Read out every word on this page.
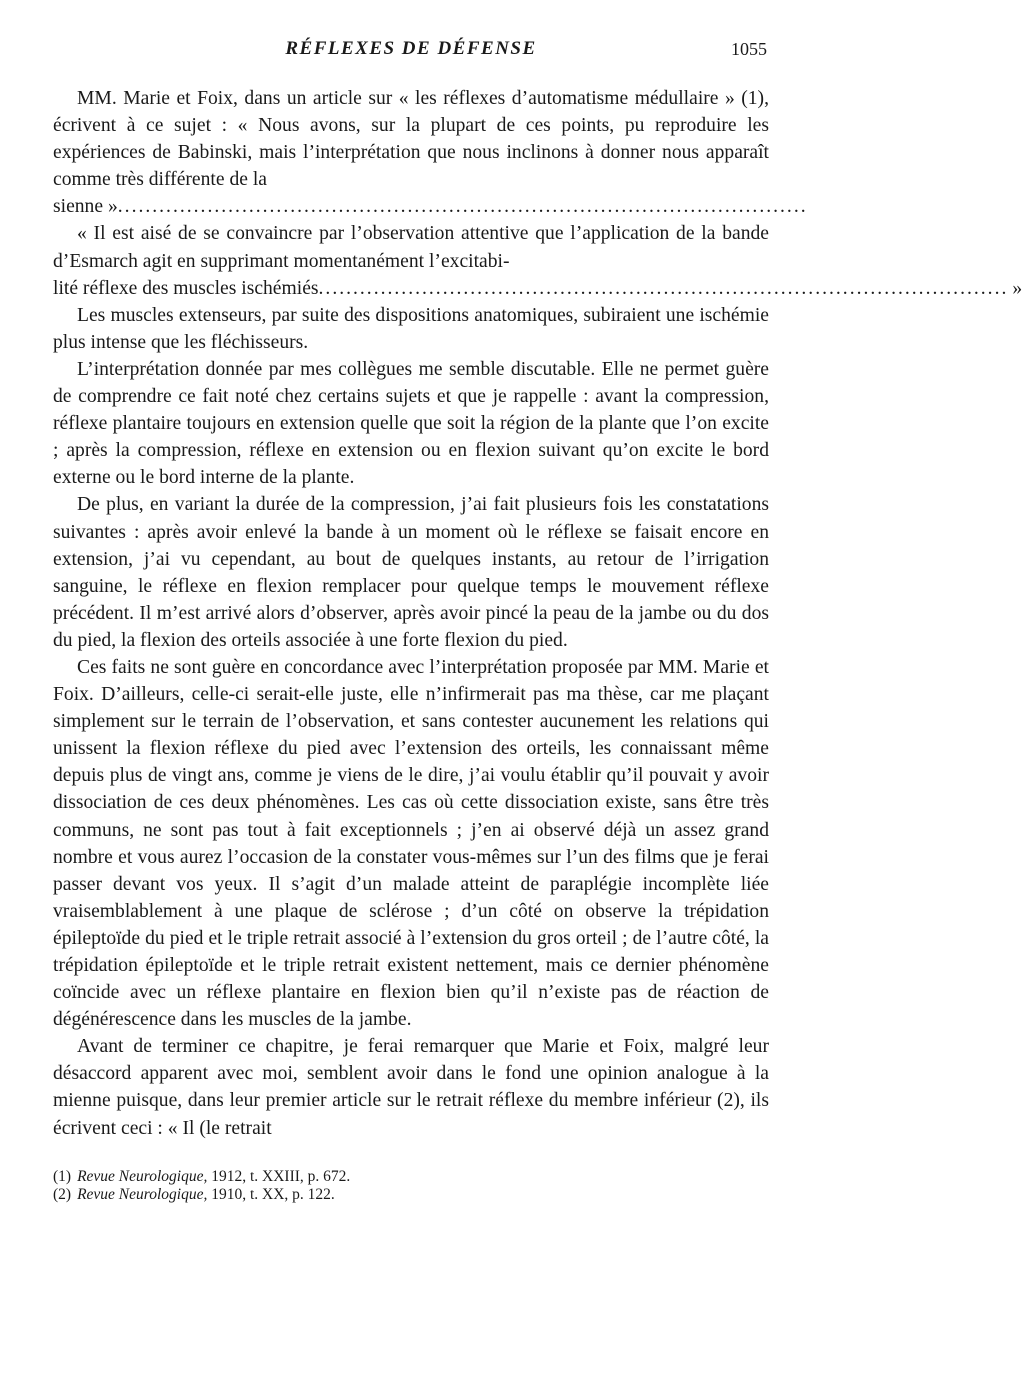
RÉFLEXES DE DÉFENSE	1055

MM. Marie et Foix, dans un article sur « les réflexes d’automatisme médullaire » (1), écrivent à ce sujet : « Nous avons, sur la plupart de ces points, pu reproduire les expériences de Babinski, mais l’interprétation que nous inclinons à donner nous apparaît comme très différente de la

sienne » ....................................................................................................

« Il est aisé de se convaincre par l’observation attentive que l’application de la bande d’Esmarch agit en supprimant momentanément l’excitabi-

lité réflexe des muscles ischémiés .................................................................................................... »

Les muscles extenseurs, par suite des dispositions anatomiques, subiraient une ischémie plus intense que les fléchisseurs.

L’interprétation donnée par mes collègues me semble discutable. Elle ne permet guère de comprendre ce fait noté chez certains sujets et que je rappelle : avant la compression, réflexe plantaire toujours en extension quelle que soit la région de la plante que l’on excite ; après la compression, réflexe en extension ou en flexion suivant qu’on excite le bord externe ou le bord interne de la plante.

De plus, en variant la durée de la compression, j’ai fait plusieurs fois les constatations suivantes : après avoir enlevé la bande à un moment où le réflexe se faisait encore en extension, j’ai vu cependant, au bout de quelques instants, au retour de l’irrigation sanguine, le réflexe en flexion remplacer pour quelque temps le mouvement réflexe précédent. Il m’est arrivé alors d’observer, après avoir pincé la peau de la jambe ou du dos du pied, la flexion des orteils associée à une forte flexion du pied.

Ces faits ne sont guère en concordance avec l’interprétation proposée par MM. Marie et Foix. D’ailleurs, celle-ci serait-elle juste, elle n’infirmerait pas ma thèse, car me plaçant simplement sur le terrain de l’observation, et sans contester aucunement les relations qui unissent la flexion réflexe du pied avec l’extension des orteils, les connaissant même depuis plus de vingt ans, comme je viens de le dire, j’ai voulu établir qu’il pouvait y avoir dissociation de ces deux phénomènes. Les cas où cette dissociation existe, sans être très communs, ne sont pas tout à fait exceptionnels ; j’en ai observé déjà un assez grand nombre et vous aurez l’occasion de la constater vous-mêmes sur l’un des films que je ferai passer devant vos yeux. Il s’agit d’un malade atteint de paraplégie incomplète liée vraisemblablement à une plaque de sclérose ; d’un côté on observe la trépidation épileptoïde du pied et le triple retrait associé à l’extension du gros orteil ; de l’autre côté, la trépidation épileptoïde et le triple retrait existent nettement, mais ce dernier phénomène coïncide avec un réflexe plantaire en flexion bien qu’il n’existe pas de réaction de dégénérescence dans les muscles de la jambe.

Avant de terminer ce chapitre, je ferai remarquer que Marie et Foix, malgré leur désaccord apparent avec moi, semblent avoir dans le fond une opinion analogue à la mienne puisque, dans leur premier article sur le retrait réflexe du membre inférieur (2), ils écrivent ceci : « Il (le retrait

(1) Revue Neurologique, 1912, t. XXIII, p. 672.
(2) Revue Neurologique, 1910, t. XX, p. 122.
